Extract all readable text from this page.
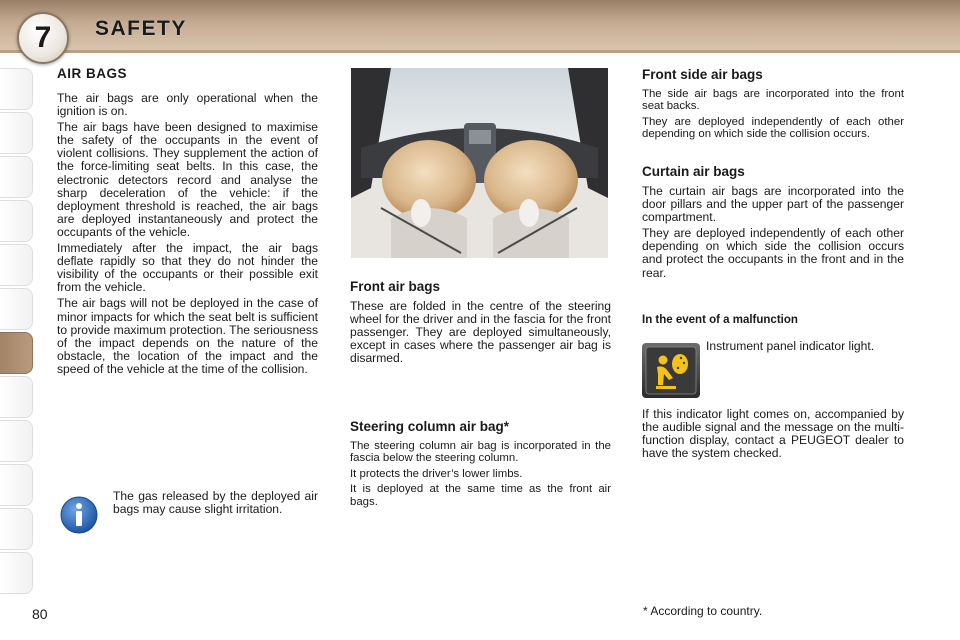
7	SAFETY
AIR BAGS

The air bags are only operational when the ignition is on.

The air bags have been designed to maximise the safety of the occupants in the event of violent collisions. They supplement the action of the force-limiting seat belts. In this case, the electronic detectors record and analyse the sharp deceleration of the vehicle: if the deployment threshold is reached, the air bags are deployed instantaneously and protect the occupants of the vehicle.

Immediately after the impact, the air bags deflate rapidly so that they do not hinder the visibility of the occupants or their possible exit from the vehicle.

The air bags will not be deployed in the case of minor impacts for which the seat belt is sufficient to provide maximum protection. The seriousness of the impact depends on the nature of the obstacle, the location of the impact and the speed of the vehicle at the time of the collision.

The gas released by the deployed air bags may cause slight irritation.

Front air bags

These are folded in the centre of the steering wheel for the driver and in the fascia for the front passenger. They are deployed simultaneously, except in cases where the passenger air bag is disarmed.

Steering column air bag*

The steering column air bag is incorporated in the fascia below the steering column.

It protects the driver’s lower limbs.

It is deployed at the same time as the front air bags.

Front side air bags

The side air bags are incorporated into the front seat backs.

They are deployed independently of each other depending on which side the collision occurs.

Curtain air bags

The curtain air bags are incorporated into the door pillars and the upper part of the passenger compartment.

They are deployed independently of each other depending on which side the collision occurs and protect the occupants in the front and in the rear.

In the event of a malfunction

Instrument panel indicator light.

If this indicator light comes on, accompanied by the audible signal and the message on the multi-function display, contact a PEUGEOT dealer to have the system checked.

80	* According to country.
